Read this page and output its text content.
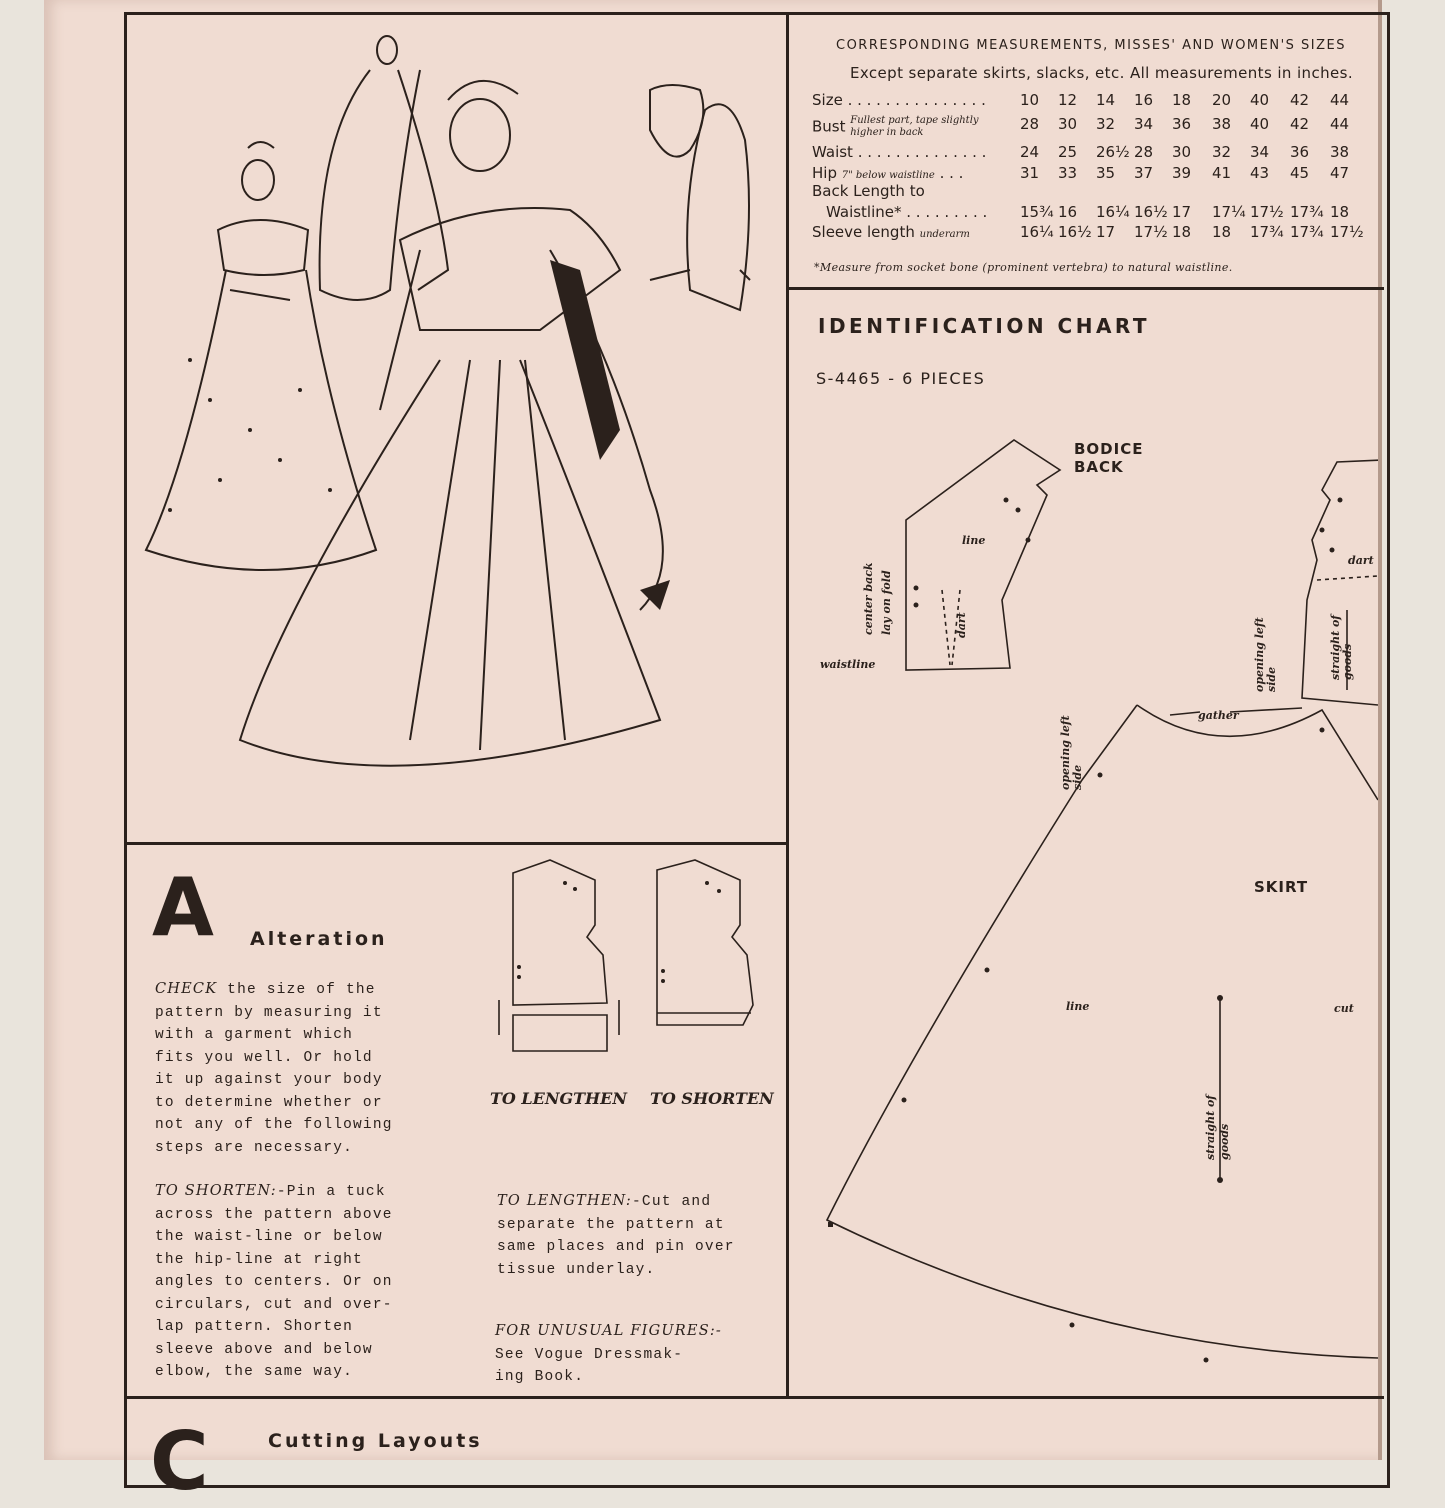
CORRESPONDING MEASUREMENTS, MISSES' AND WOMEN'S SIZES
Except separate skirts, slacks, etc. All measurements in inches.
Size . . . . . . . . . . . . . . . 10	12	14	16	18	20	40	42	44
Bust Fullest part, tape slightly higher in back	28	30	32	34	36	38	40	42	44
Waist . . . . . . . . . . . . . . 24	25	26½ 28	30	32	34	36	38
Hip 7" below waistline . . .	31	33	35	37	39	41	43	45	47
Back Length to
Waistline* . . . . . . . . . 15¾ 16	16¼ 16½ 17	17¼ 17½ 17¾ 18
Sleeve length underarm	16¼ 16½ 17	17½ 18	18	17¾ 17¾ 17½
*Measure from socket bone (prominent vertebra) to natural waistline.
IDENTIFICATION CHART
S-4465 - 6 PIECES
BODICE BACK
line
center back lay on fold	dart
waistline
dart
opening left side	straight of goods
gather
opening left side
SKIRT
line	cut
straight of goods
A Alteration
CHECK the size of the
pattern by measuring it
with a garment which
fits you well. Or hold
it up against your body
to determine whether or
not any of the following
steps are necessary.
TO SHORTEN:-Pin a tuck
across the pattern above
the waist-line or below
the hip-line at right
angles to centers. Or on
circulars, cut and over-
lap pattern. Shorten
sleeve above and below
elbow, the same way.
TO LENGTHEN TO SHORTEN
TO LENGTHEN:-Cut and
separate the pattern at
same places and pin over
tissue underlay.
FOR UNUSUAL FIGURES:-
See Vogue Dressmak-
ing Book.
C	Cutting Layouts
